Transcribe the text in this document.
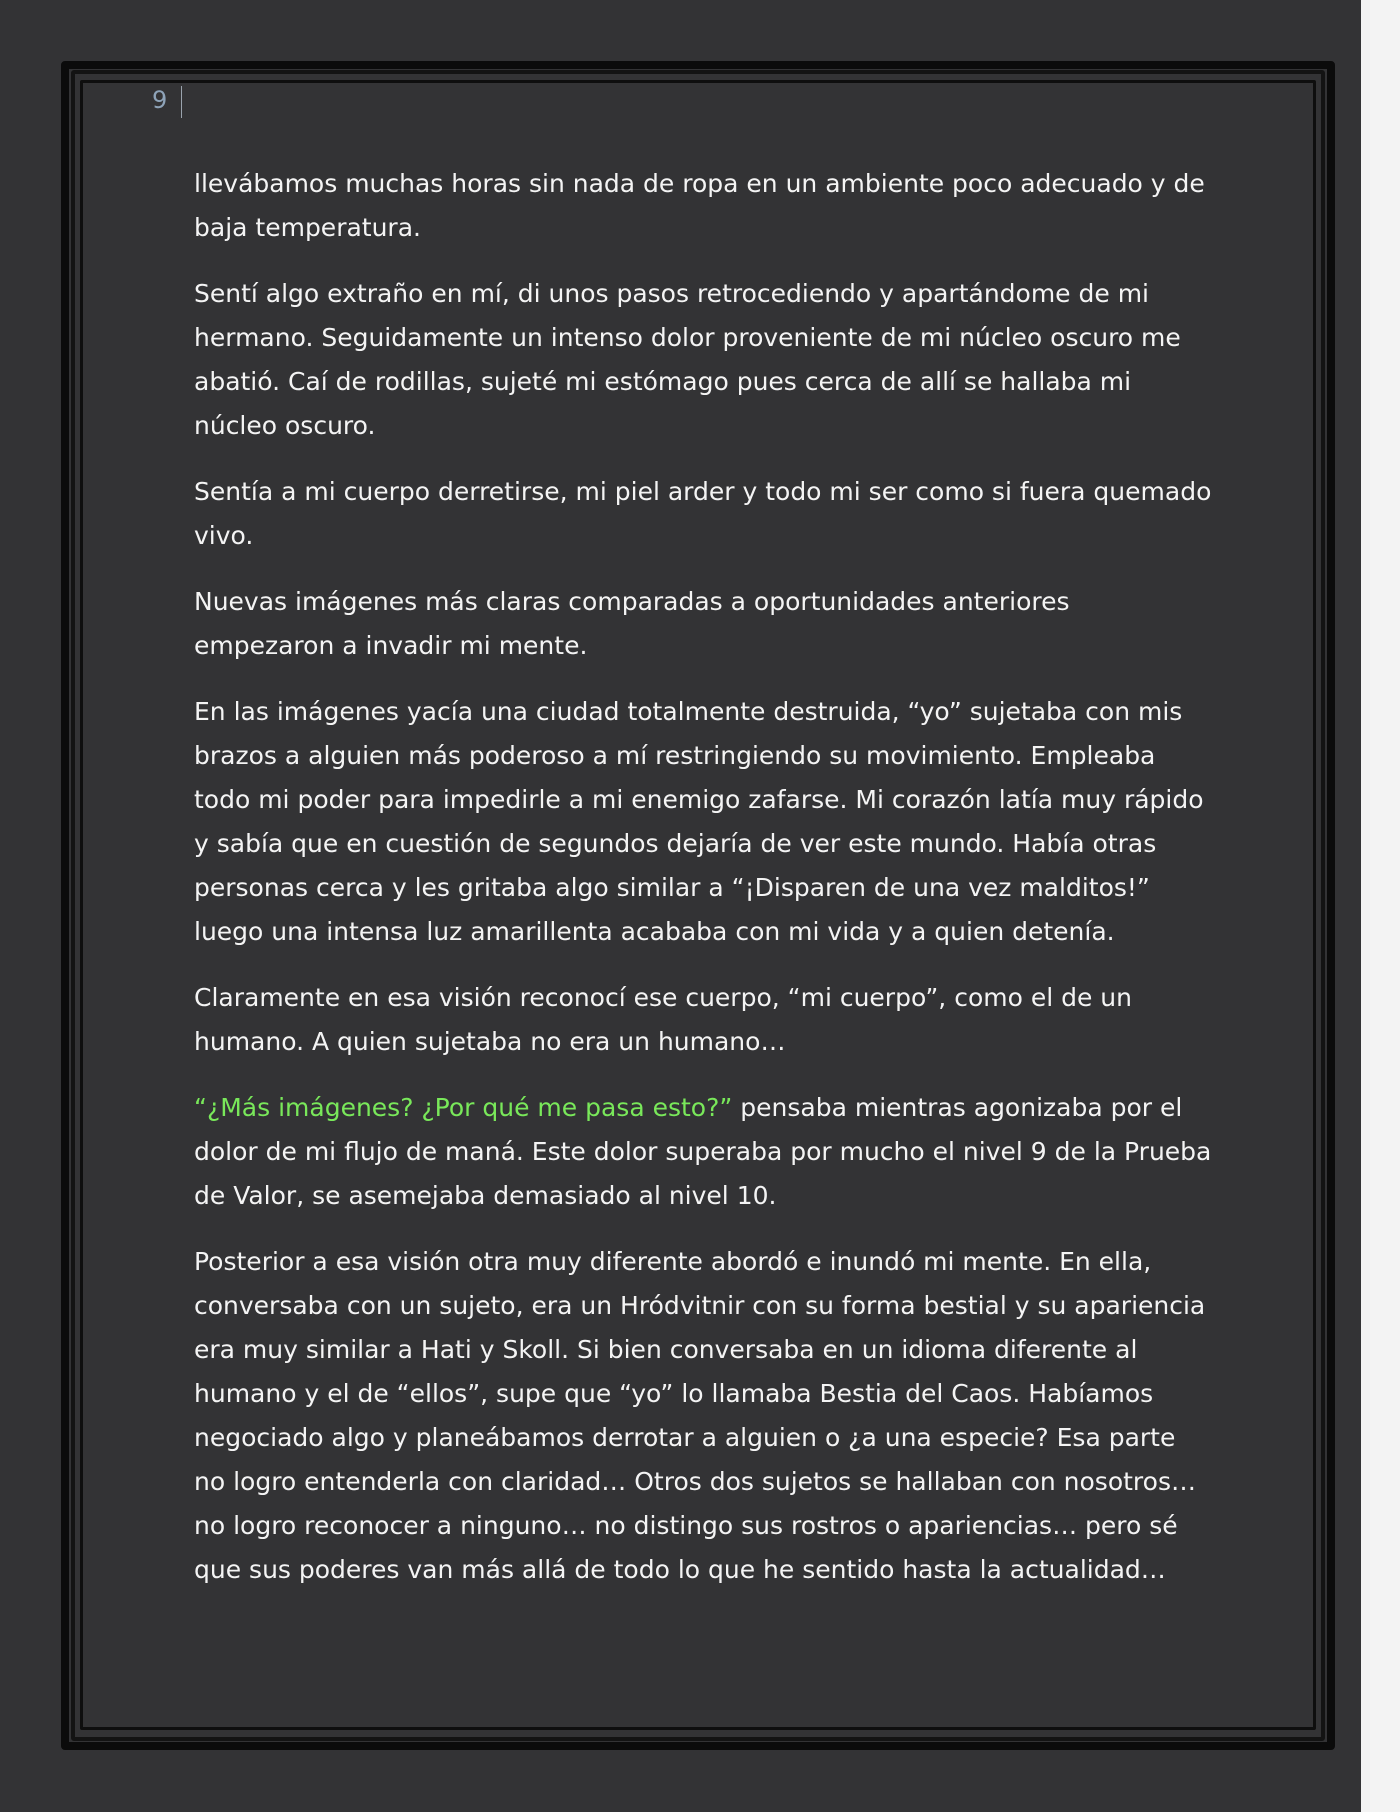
9

llevábamos muchas horas sin nada de ropa en un ambiente poco adecuado y de baja temperatura.

Sentí algo extraño en mí, di unos pasos retrocediendo y apartándome de mi hermano. Seguidamente un intenso dolor proveniente de mi núcleo oscuro me abatió. Caí de rodillas, sujeté mi estómago pues cerca de allí se hallaba mi núcleo oscuro.

Sentía a mi cuerpo derretirse, mi piel arder y todo mi ser como si fuera quemado vivo.

Nuevas imágenes más claras comparadas a oportunidades anteriores empezaron a invadir mi mente.

En las imágenes yacía una ciudad totalmente destruida, “yo” sujetaba con mis brazos a alguien más poderoso a mí restringiendo su movimiento. Empleaba todo mi poder para impedirle a mi enemigo zafarse. Mi corazón latía muy rápido y sabía que en cuestión de segundos dejaría de ver este mundo. Había otras personas cerca y les gritaba algo similar a “¡Disparen de una vez malditos!” luego una intensa luz amarillenta acababa con mi vida y a quien detenía.

Claramente en esa visión reconocí ese cuerpo, “mi cuerpo”, como el de un humano. A quien sujetaba no era un humano…

“¿Más imágenes? ¿Por qué me pasa esto?” pensaba mientras agonizaba por el dolor de mi flujo de maná. Este dolor superaba por mucho el nivel 9 de la Prueba de Valor, se asemejaba demasiado al nivel 10.

Posterior a esa visión otra muy diferente abordó e inundó mi mente. En ella, conversaba con un sujeto, era un Hródvitnir con su forma bestial y su apariencia era muy similar a Hati y Skoll. Si bien conversaba en un idioma diferente al humano y el de “ellos”, supe que “yo” lo llamaba Bestia del Caos. Habíamos negociado algo y planeábamos derrotar a alguien o ¿a una especie? Esa parte no logro entenderla con claridad… Otros dos sujetos se hallaban con nosotros… no logro reconocer a ninguno… no distingo sus rostros o apariencias… pero sé que sus poderes van más allá de todo lo que he sentido hasta la actualidad…
